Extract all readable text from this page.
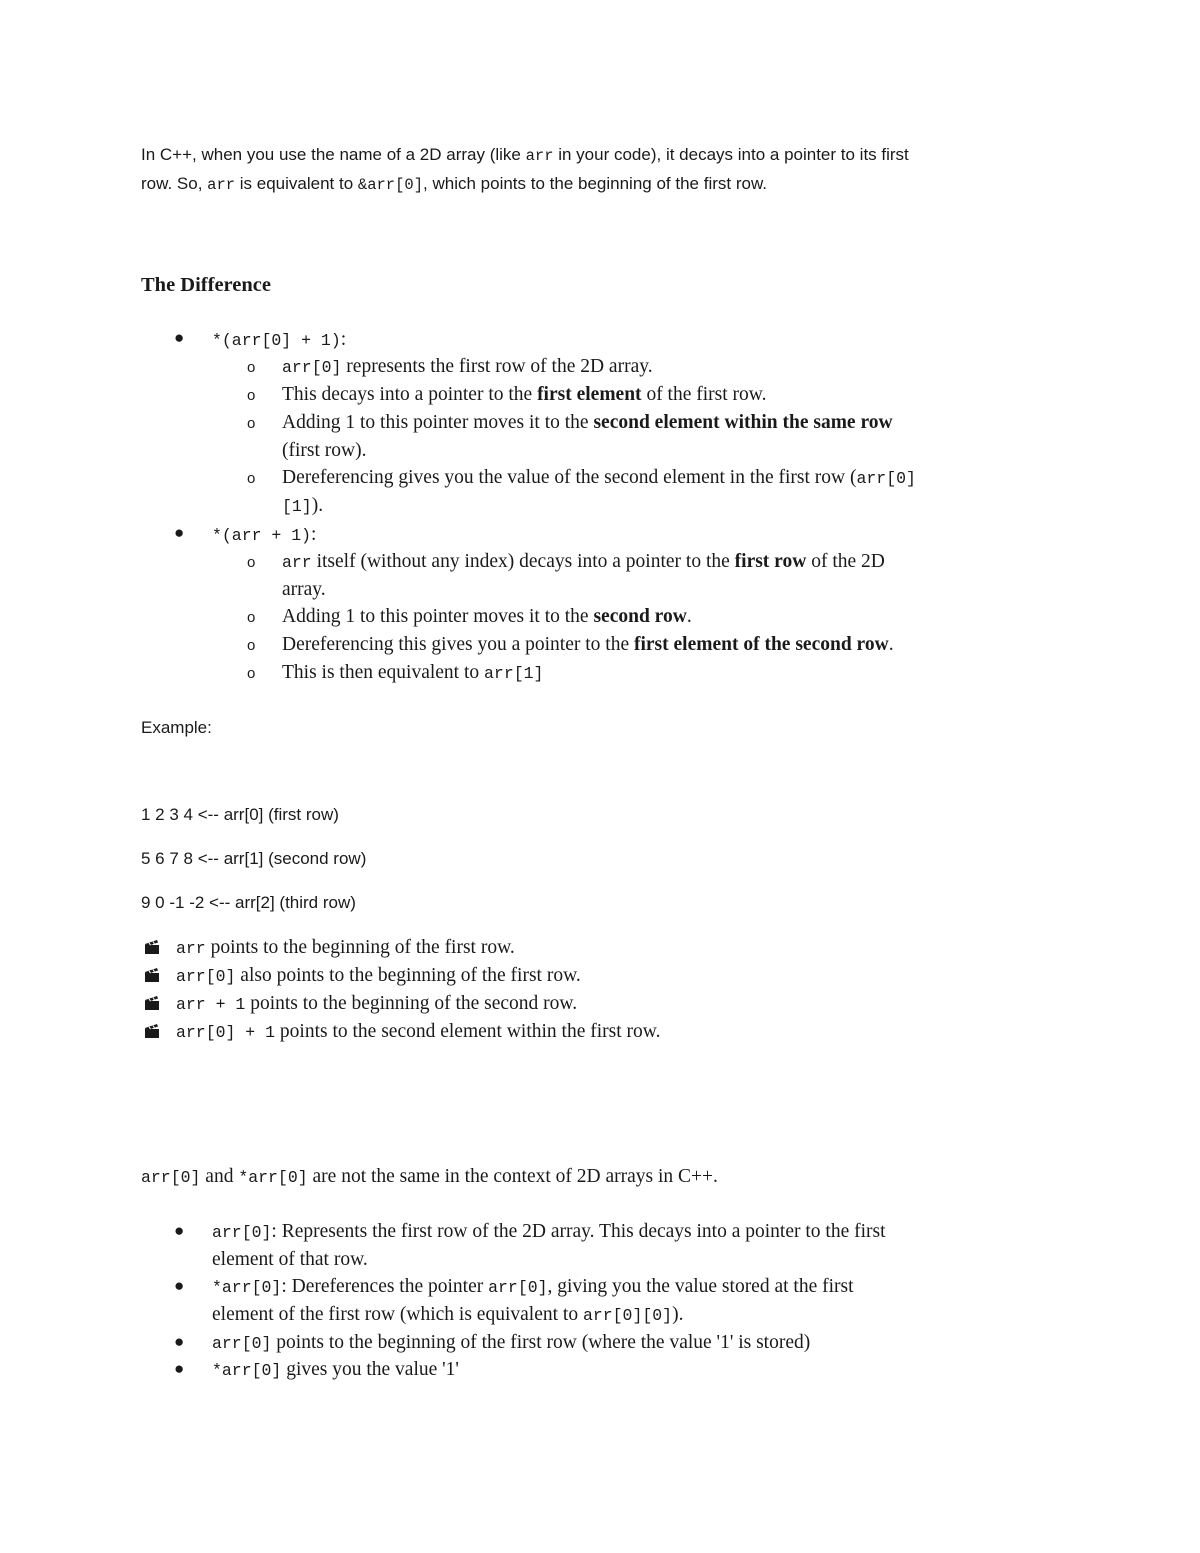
In C++, when you use the name of a 2D array (like arr in your code), it decays into a pointer to its first
row. So, arr is equivalent to &arr[0], which points to the beginning of the first row.
The Difference
● *(arr[0] + 1):
o arr[0] represents the first row of the 2D array.
o This decays into a pointer to the first element of the first row.
o Adding 1 to this pointer moves it to the second element within the same row
(first row).
o Dereferencing gives you the value of the second element in the first row (arr[0]
[1]).
● *(arr + 1):
o arr itself (without any index) decays into a pointer to the first row of the 2D
array.
o Adding 1 to this pointer moves it to the second row.
o Dereferencing this gives you a pointer to the first element of the second row.
o This is then equivalent to arr[1]
Example:
1 2 3 4 <-- arr[0] (first row)
5 6 7 8 <-- arr[1] (second row)
9 0 -1 -2 <-- arr[2] (third row)
arr points to the beginning of the first row.
arr[0] also points to the beginning of the first row.
arr + 1 points to the beginning of the second row.
arr[0] + 1 points to the second element within the first row.
arr[0] and *arr[0] are not the same in the context of 2D arrays in C++.
● arr[0]: Represents the first row of the 2D array. This decays into a pointer to the first
element of that row.
● *arr[0]: Dereferences the pointer arr[0], giving you the value stored at the first
element of the first row (which is equivalent to arr[0][0]).
● arr[0] points to the beginning of the first row (where the value '1' is stored)
● *arr[0] gives you the value '1'
